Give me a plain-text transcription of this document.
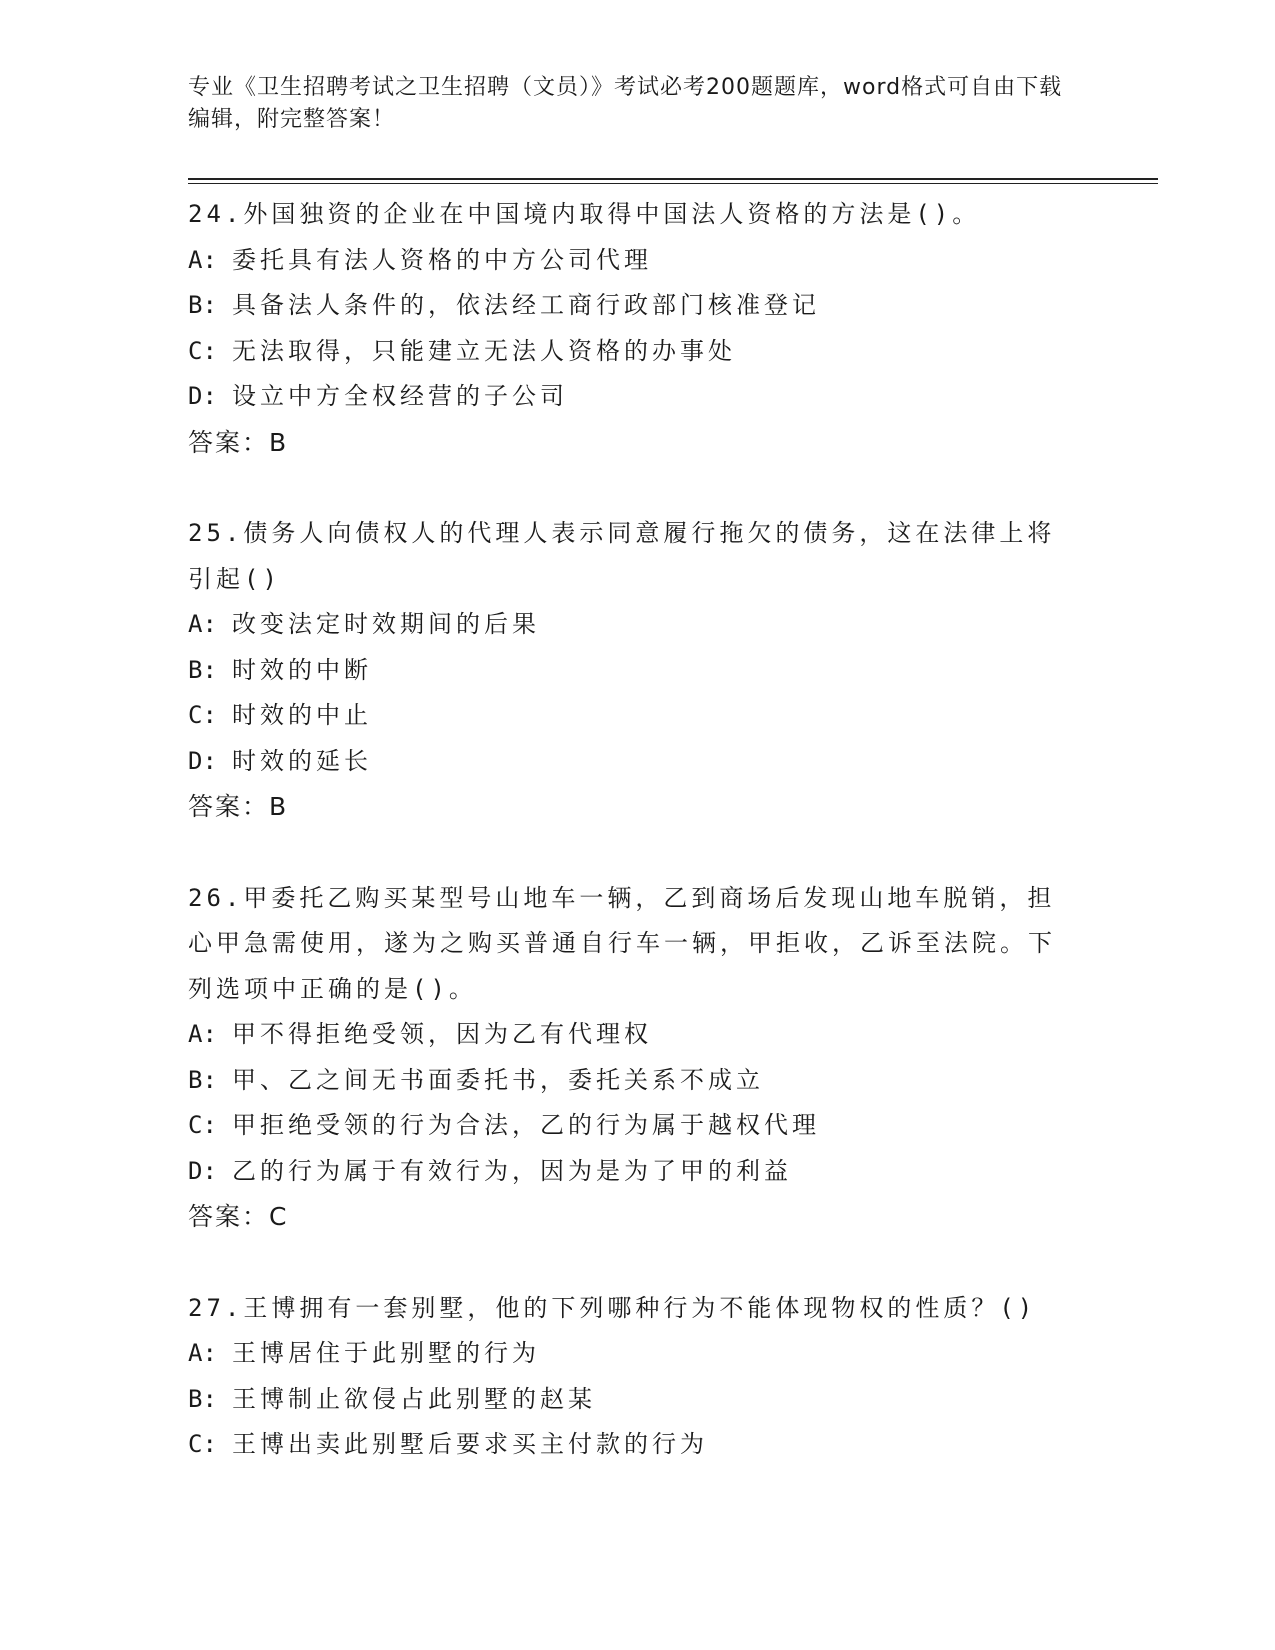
专业《卫生招聘考试之卫生招聘（文员）》考试必考200题题库，word格式可自由下载编辑，附完整答案！

24.外国独资的企业在中国境内取得中国法人资格的方法是()。

A: 委托具有法人资格的中方公司代理
B: 具备法人条件的，依法经工商行政部门核准登记
C: 无法取得，只能建立无法人资格的办事处
D: 设立中方全权经营的子公司

答案：B

25.债务人向债权人的代理人表示同意履行拖欠的债务，这在法律上将引起()

A: 改变法定时效期间的后果
B: 时效的中断
C: 时效的中止
D: 时效的延长

答案：B

26.甲委托乙购买某型号山地车一辆，乙到商场后发现山地车脱销，担心甲急需使用，遂为之购买普通自行车一辆，甲拒收，乙诉至法院。下列选项中正确的是()。

A: 甲不得拒绝受领，因为乙有代理权
B: 甲、乙之间无书面委托书，委托关系不成立
C: 甲拒绝受领的行为合法，乙的行为属于越权代理
D: 乙的行为属于有效行为，因为是为了甲的利益

答案：C

27.王博拥有一套别墅，他的下列哪种行为不能体现物权的性质？()

A: 王博居住于此别墅的行为
B: 王博制止欲侵占此别墅的赵某
C: 王博出卖此别墅后要求买主付款的行为
